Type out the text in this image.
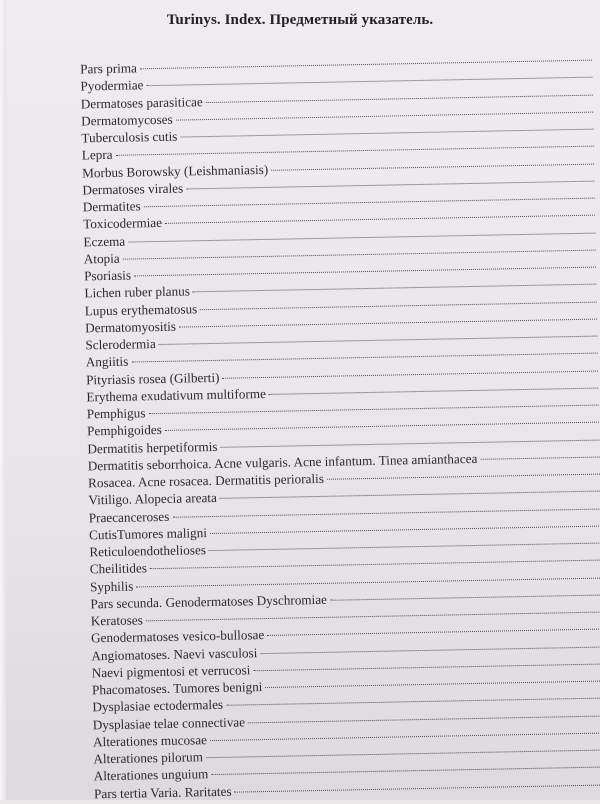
Turinys. Index. Предметный указатель.
Pars prima
Pyodermiae
Dermatoses parasiticae
Dermatomycoses
Tuberculosis cutis
Lepra
Morbus Borowsky (Leishmaniasis)
Dermatoses virales
Dermatites
Toxicodermiae
Eczema
Atopia
Psoriasis
Lichen ruber planus
Lupus erythematosus
Dermatomyositis
Sclerodermia
Angiitis
Pityriasis rosea (Gilberti)
Erythema exudativum multiforme
Pemphigus
Pemphigoides
Dermatitis herpetiformis
Dermatitis seborrhoica. Acne vulgaris. Acne infantum. Tinea amianthacea
Rosacea. Acne rosacea. Dermatitis perioralis
Vitiligo. Alopecia areata
Praecanceroses
CutisTumores maligni
Reticuloendothelioses
Cheilitides
Syphilis
Pars secunda. Genodermatoses Dyschromiae
Keratoses
Genodermatoses vesico-bullosae
Angiomatoses. Naevi vasculosi
Naevi pigmentosi et verrucosi
Phacomatoses. Tumores benigni
Dysplasiae ectodermales
Dysplasiae telae connectivae
Alterationes mucosae
Alterationes pilorum
Alterationes unguium
Pars tertia Varia. Raritates
